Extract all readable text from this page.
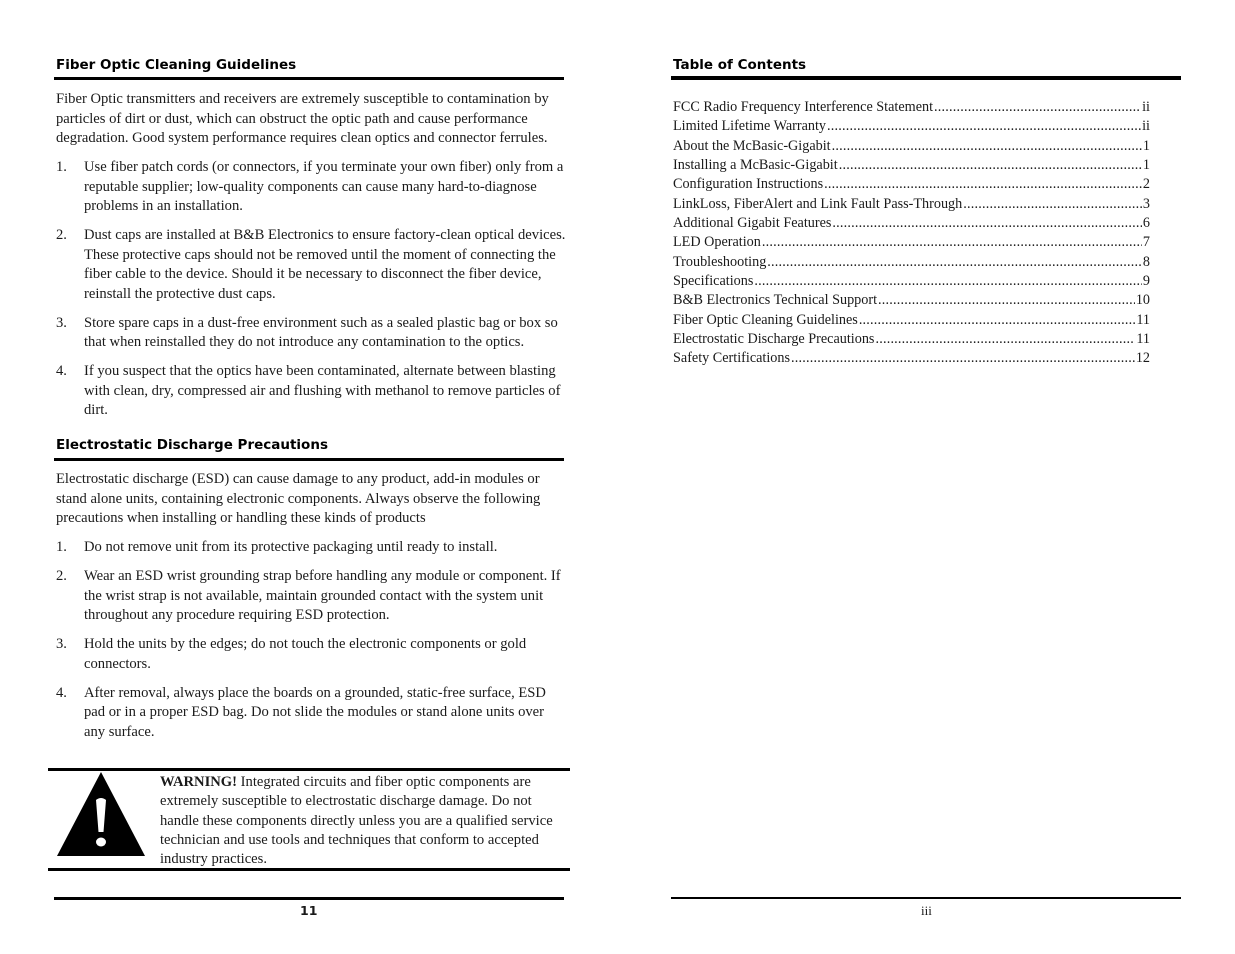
Fiber Optic Cleaning Guidelines

Fiber Optic transmitters and receivers are extremely susceptible to contamination by particles of dirt or dust, which can obstruct the optic path and cause performance degradation. Good system performance requires clean optics and connector ferrules.

1. Use fiber patch cords (or connectors, if you terminate your own fiber) only from a reputable supplier; low-quality components can cause many hard-to-diagnose problems in an installation.
2. Dust caps are installed at B&B Electronics to ensure factory-clean optical devices. These protective caps should not be removed until the moment of connecting the fiber cable to the device. Should it be necessary to disconnect the fiber device, reinstall the protective dust caps.
3. Store spare caps in a dust-free environment such as a sealed plastic bag or box so that when reinstalled they do not introduce any contamination to the optics.
4. If you suspect that the optics have been contaminated, alternate between blasting with clean, dry, compressed air and flushing with methanol to remove particles of dirt.
Electrostatic Discharge Precautions

Electrostatic discharge (ESD) can cause damage to any product, add-in modules or stand alone units, containing electronic components. Always observe the following precautions when installing or handling these kinds of products

1. Do not remove unit from its protective packaging until ready to install.
2. Wear an ESD wrist grounding strap before handling any module or component. If the wrist strap is not available, maintain grounded contact with the system unit throughout any procedure requiring ESD protection.
3. Hold the units by the edges; do not touch the electronic components or gold connectors.
4. After removal, always place the boards on a grounded, static-free surface, ESD pad or in a proper ESD bag. Do not slide the modules or stand alone units over any surface.

WARNING! Integrated circuits and fiber optic components are extremely susceptible to electrostatic discharge damage. Do not handle these components directly unless you are a qualified service technician and use tools and techniques that conform to accepted industry practices.

11
Table of Contents
FCC Radio Frequency Interference Statement .....	ii
Limited Lifetime Warranty .....	ii
About the McBasic-Gigabit .....	1
Installing a McBasic-Gigabit .....	1
Configuration Instructions .....	2
LinkLoss, FiberAlert and Link Fault Pass-Through .....	3
Additional Gigabit Features .....	6
LED Operation .....	7
Troubleshooting .....	8
Specifications .....	9
B&B Electronics Technical Support .....	10
Fiber Optic Cleaning Guidelines .....	11
Electrostatic Discharge Precautions .....	11
Safety Certifications .....	12
iii
